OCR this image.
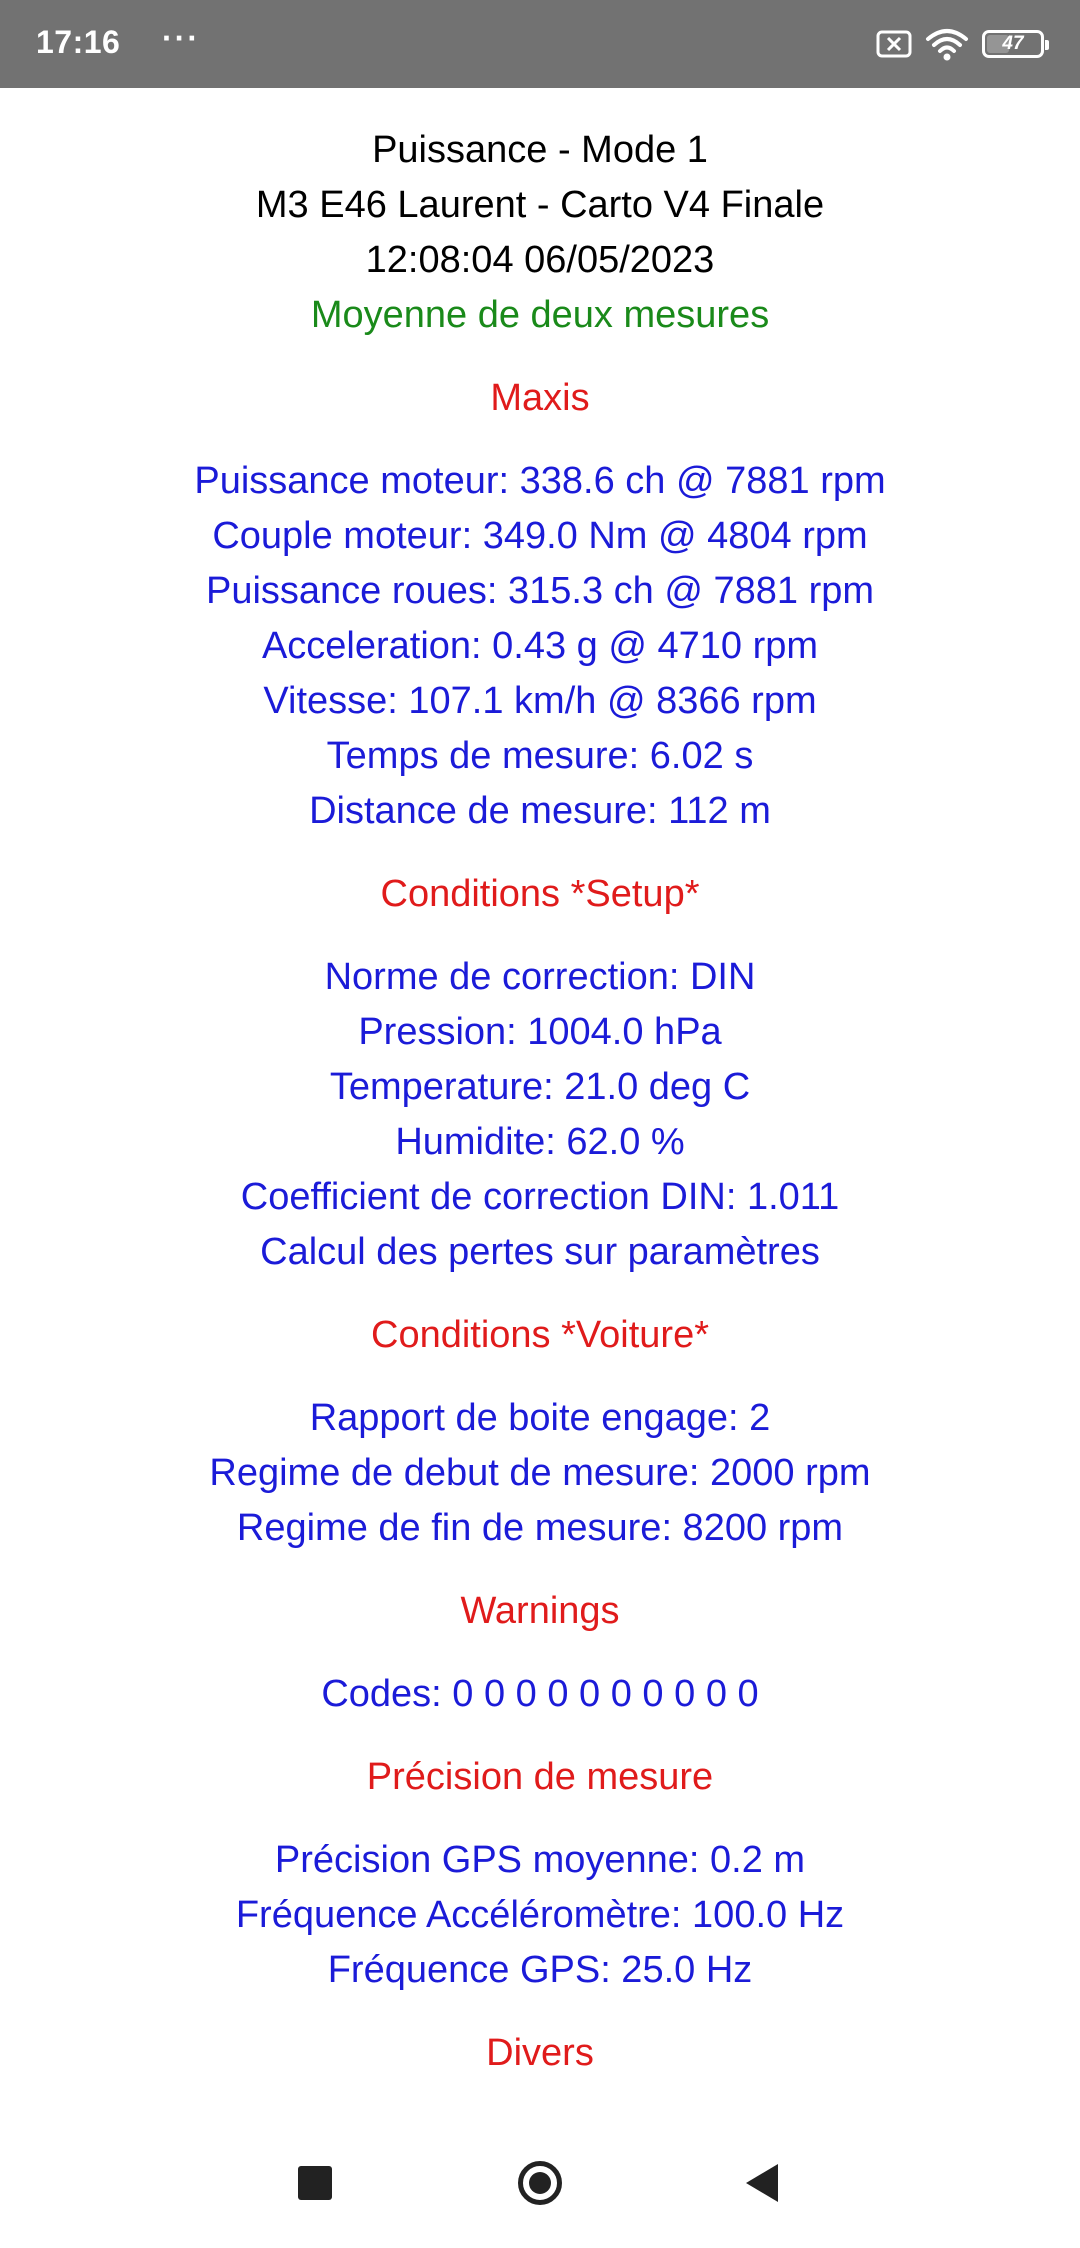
17:16 ···	47
Puissance - Mode 1
M3 E46 Laurent - Carto V4 Finale
12:08:04 06/05/2023
Moyenne de deux mesures
Maxis
Puissance moteur: 338.6 ch @ 7881 rpm
Couple moteur: 349.0 Nm @ 4804 rpm
Puissance roues: 315.3 ch @ 7881 rpm
Acceleration: 0.43 g @ 4710 rpm
Vitesse: 107.1 km/h @ 8366 rpm
Temps de mesure: 6.02 s
Distance de mesure: 112 m
Conditions *Setup*
Norme de correction: DIN
Pression: 1004.0 hPa
Temperature: 21.0 deg C
Humidite: 62.0 %
Coefficient de correction DIN: 1.011
Calcul des pertes sur paramètres
Conditions *Voiture*
Rapport de boite engage: 2
Regime de debut de mesure: 2000 rpm
Regime de fin de mesure: 8200 rpm
Warnings
Codes: 0 0 0 0 0 0 0 0 0 0
Précision de mesure
Précision GPS moyenne: 0.2 m
Fréquence Accéléromètre: 100.0 Hz
Fréquence GPS: 25.0 Hz
Divers
